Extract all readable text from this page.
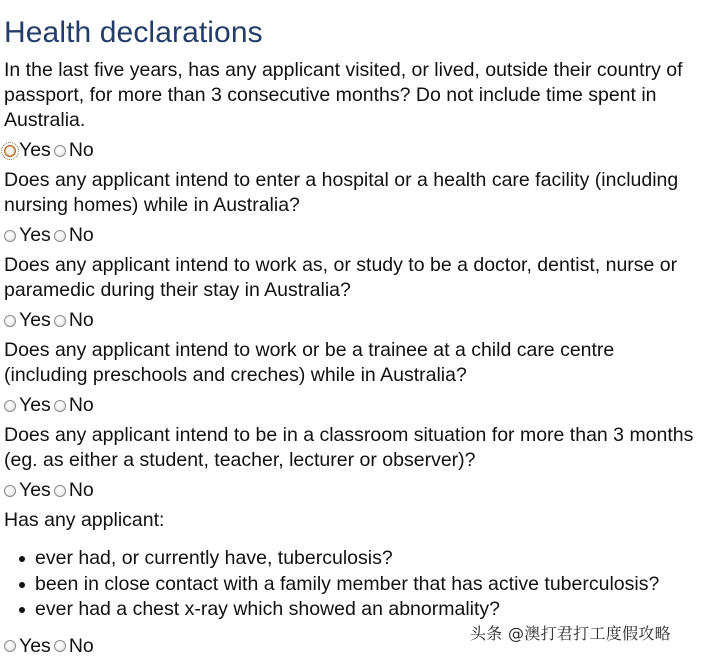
Health declarations

In the last five years, has any applicant visited, or lived, outside their country of passport, for more than 3 consecutive months? Do not include time spent in Australia.

Yes No

Does any applicant intend to enter a hospital or a health care facility (including nursing homes) while in Australia?

Yes No

Does any applicant intend to work as, or study to be a doctor, dentist, nurse or paramedic during their stay in Australia?

Yes No

Does any applicant intend to work or be a trainee at a child care centre (including preschools and creches) while in Australia?

Yes No

Does any applicant intend to be in a classroom situation for more than 3 months (eg. as either a student, teacher, lecturer or observer)?

Yes No

Has any applicant:

ever had, or currently have, tuberculosis?
been in close contact with a family member that has active tuberculosis?
ever had a chest x-ray which showed an abnormality?
Yes No
头条 @澳打君打工度假攻略
